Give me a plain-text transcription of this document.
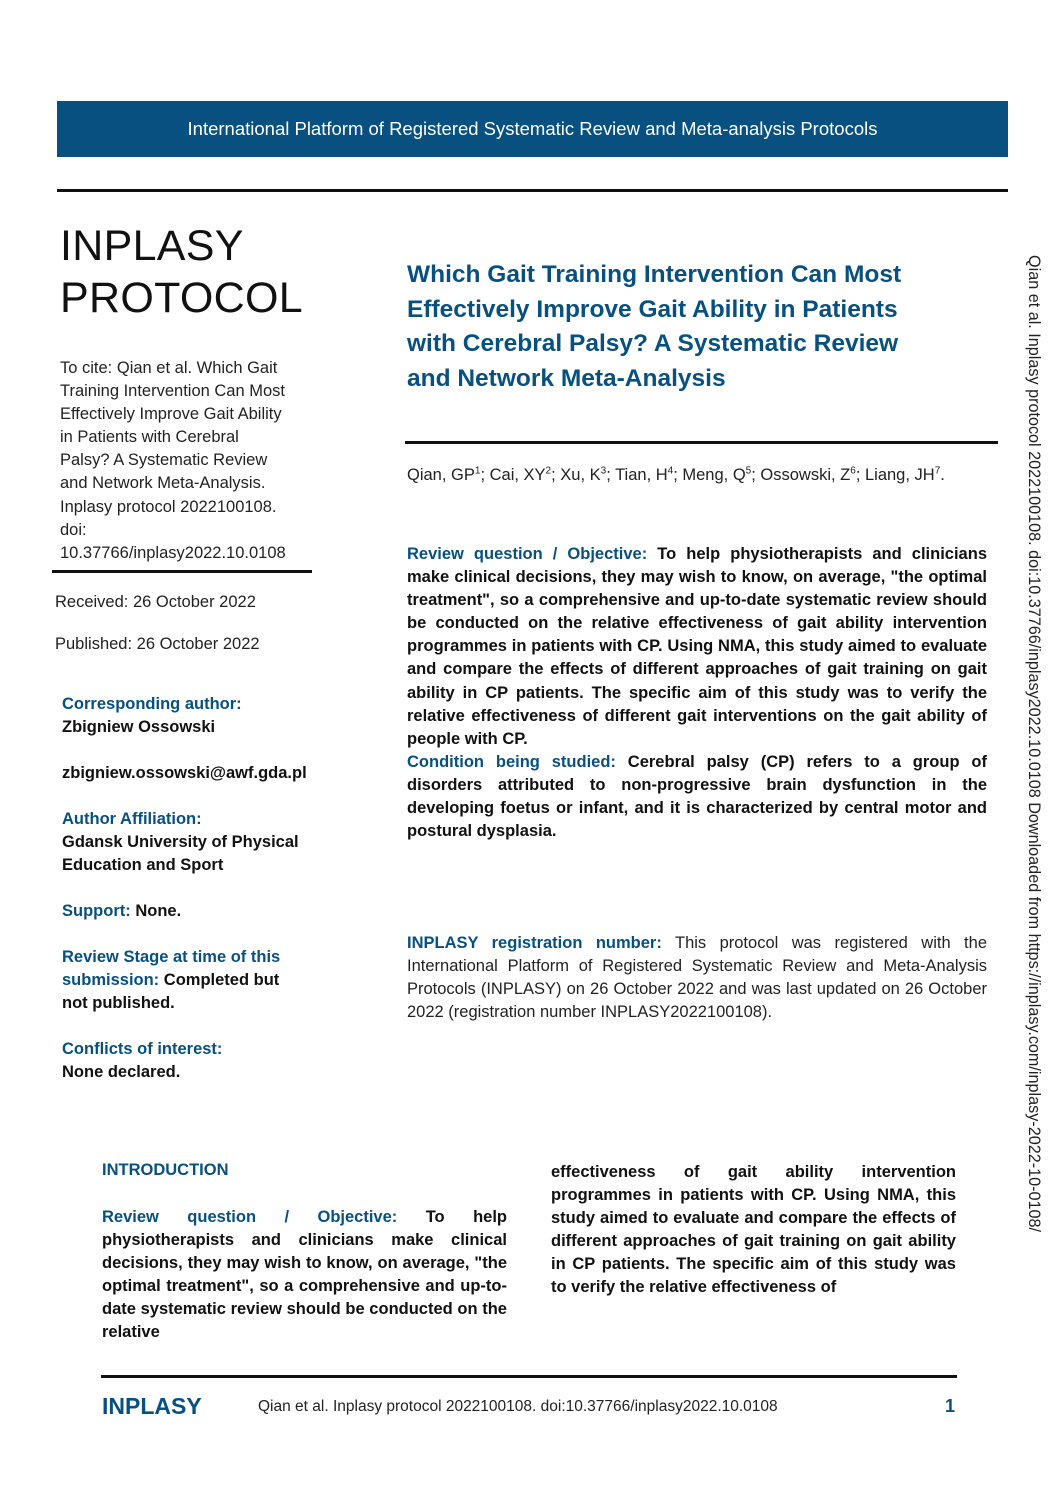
International Platform of Registered Systematic Review and Meta-analysis Protocols
INPLASY
PROTOCOL
To cite: Qian et al. Which Gait
Training Intervention Can Most
Effectively Improve Gait Ability
in Patients with Cerebral
Palsy? A Systematic Review
and Network Meta-Analysis.
Inplasy protocol 2022100108.
doi:
10.37766/inplasy2022.10.0108
Received: 26 October 2022
Published: 26 October 2022
Corresponding author:
Zbigniew Ossowski
zbigniew.ossowski@awf.gda.pl
Author Affiliation:
Gdansk University of Physical
Education and Sport
Support: None.
Review Stage at time of this
submission: Completed but
not published.
Conflicts of interest:
None declared.
Which Gait Training Intervention Can Most
Effectively Improve Gait Ability in Patients
with Cerebral Palsy? A Systematic Review
and Network Meta-Analysis
Qian, $GP^1$; Cai, $XY^2$; Xu, $K^3$; Tian, $H^4$; Meng, $Q^5$; Ossowski, $Z^6$; Liang, $JH^7$.
Review question / Objective: To help physiotherapists and clinicians make clinical decisions, they may wish to know, on average, "the optimal treatment", so a comprehensive and up-to-date systematic review should be conducted on the relative effectiveness of gait ability intervention programmes in patients with CP. Using NMA, this study aimed to evaluate and compare the effects of different approaches of gait training on gait ability in CP patients. The specific aim of this study was to verify the relative effectiveness of different gait interventions on the gait ability of people with CP.
Condition being studied: Cerebral palsy (CP) refers to a group of disorders attributed to non-progressive brain dysfunction in the developing foetus or infant, and it is characterized by central motor and postural dysplasia.
INPLASY registration number: This protocol was registered with the International Platform of Registered Systematic Review and Meta-Analysis Protocols (INPLASY) on 26 October 2022 and was last updated on 26 October 2022 (registration number INPLASY2022100108).
INTRODUCTION
Review question / Objective: To help physiotherapists and clinicians make clinical decisions, they may wish to know, on average, "the optimal treatment", so a comprehensive and up-to-date systematic review should be conducted on the relative
effectiveness of gait ability intervention programmes in patients with CP. Using NMA, this study aimed to evaluate and compare the effects of different approaches of gait training on gait ability in CP patients. The specific aim of this study was to verify the relative effectiveness of
INPLASY	Qian et al. Inplasy protocol 2022100108. doi:10.37766/inplasy2022.10.0108	1
Qian et al. Inplasy protocol 2022100108. doi:10.37766/inplasy2022.10.0108 Downloaded from https://inplasy.com/inplasy-2022-10-0108/
